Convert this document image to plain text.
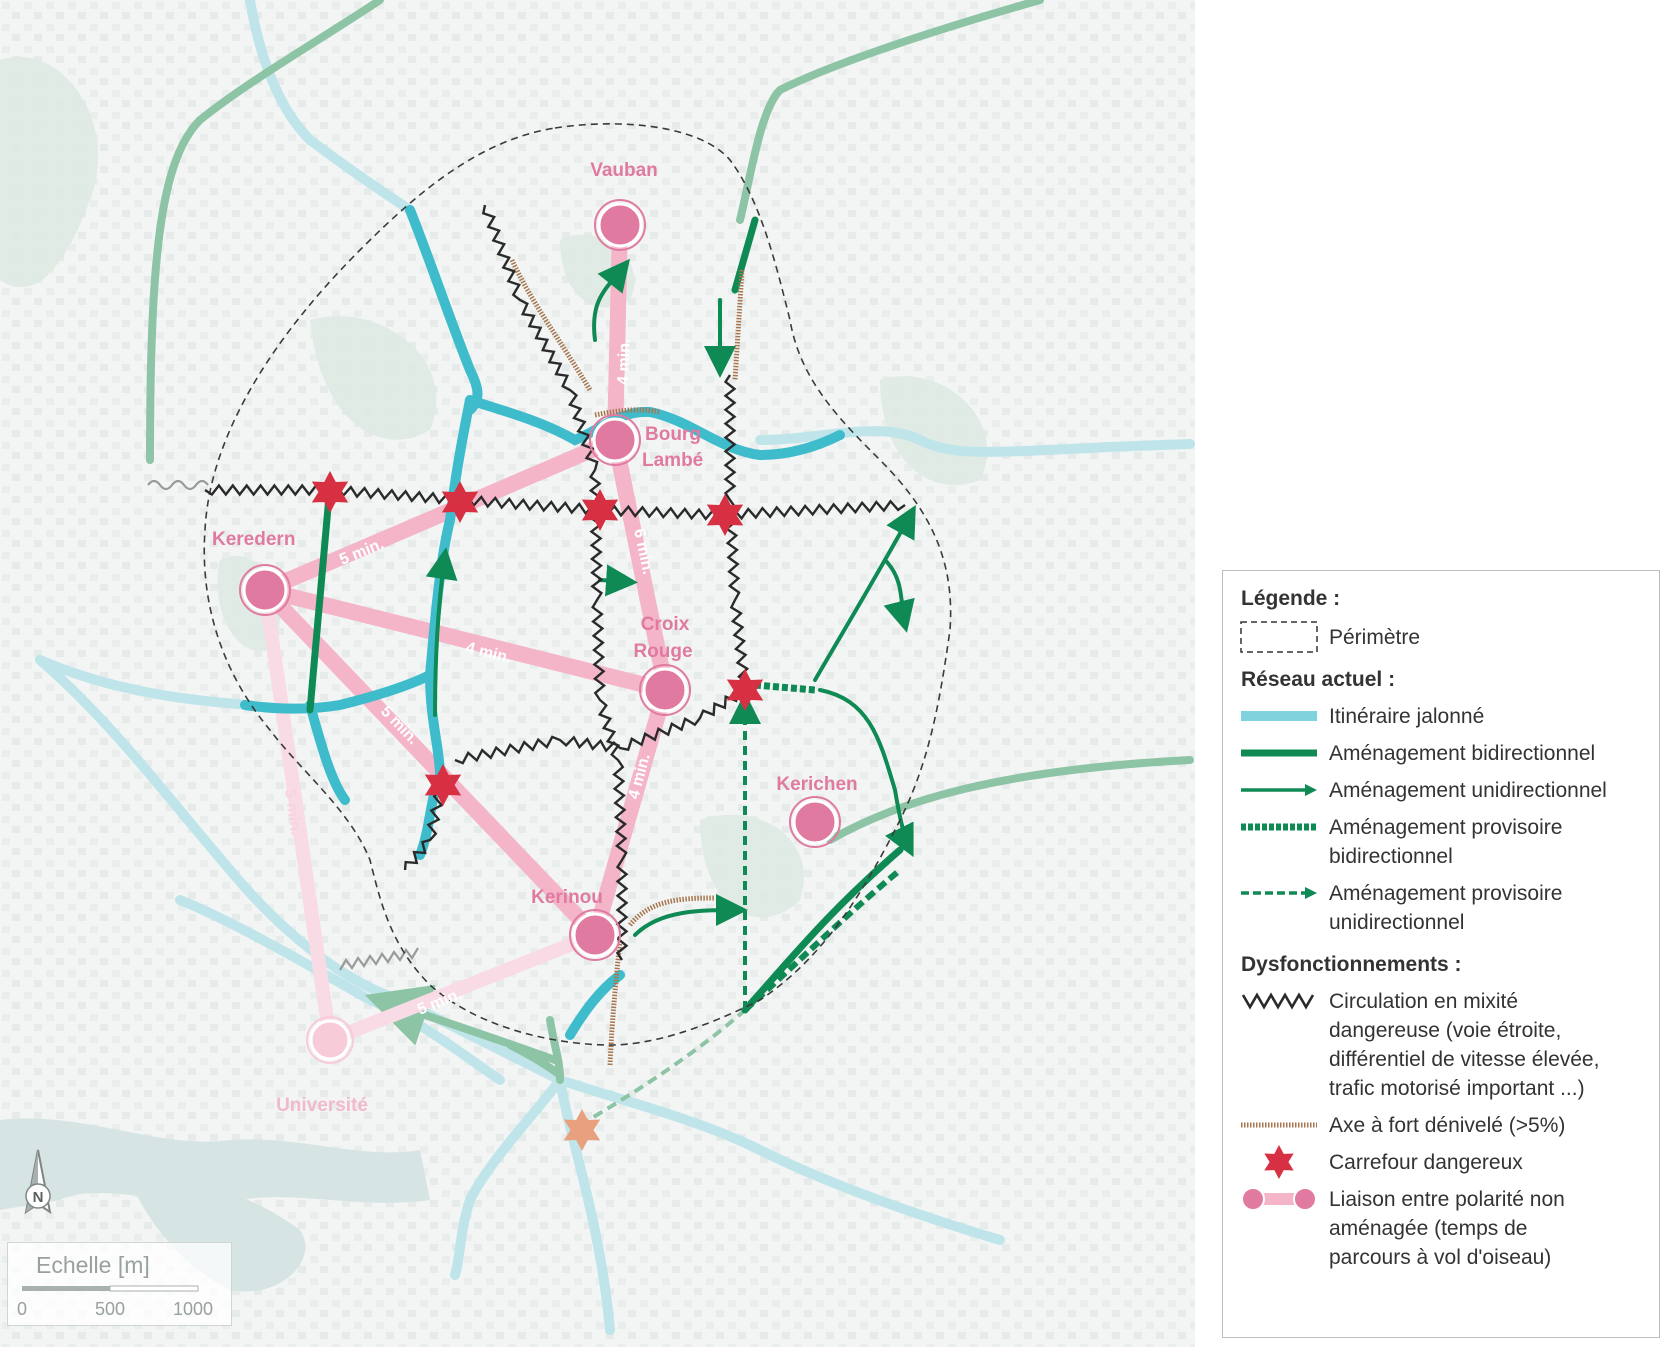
4 min.
6 min.
5 min.
4 min.
5 min.
4 min.
5 min.
5 min.
Vauban
Bourg
Lambé
Keredern
Croix
Rouge
Kerichen
Kerinou
Université
N
Echelle [m]
0	500	1000
Légende :
Périmètre
Réseau actuel :
Itinéraire jalonné
Aménagement bidirectionnel
Aménagement unidirectionnel
Aménagement provisoire
bidirectionnel
Aménagement provisoire
unidirectionnel
Dysfonctionnements :
Circulation en mixité
dangereuse (voie étroite,
différentiel de vitesse élevée,
trafic motorisé important ...)
Axe à fort dénivelé (>5%)
Carrefour dangereux
Liaison entre polarité non
aménagée (temps de
parcours à vol d'oiseau)
